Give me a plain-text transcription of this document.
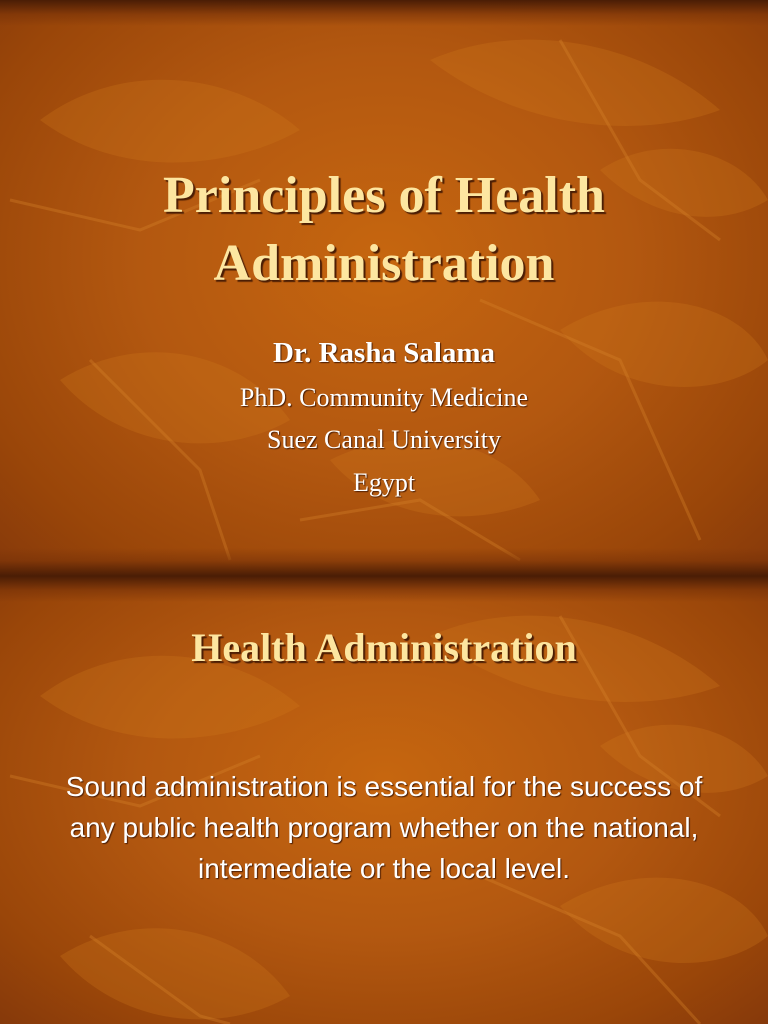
Principles of Health
Administration

Dr. Rasha Salama

PhD. Community Medicine

Suez Canal University

Egypt

Health Administration

Sound administration is essential for the success of any public health program whether on the national, intermediate or the local level.
